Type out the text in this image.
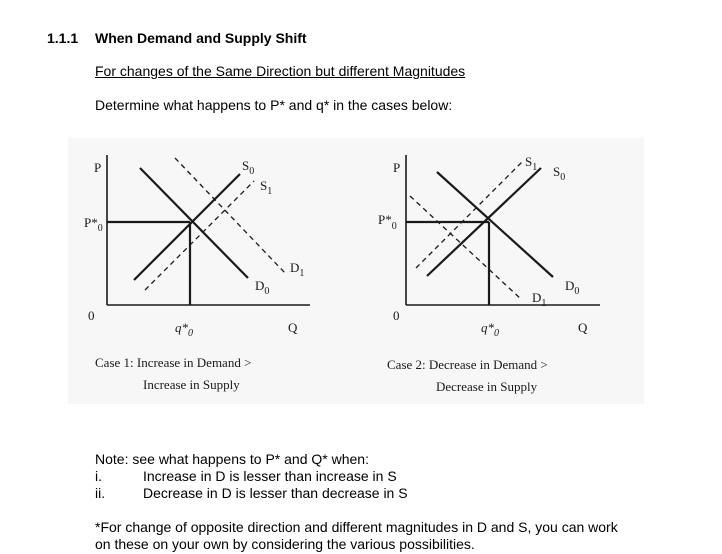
1.1.1 When Demand and Supply Shift
For changes of the Same Direction but different Magnitudes
Determine what happens to P* and q* in the cases below:
P
$P*_0$
0
$q*_0$	Q
$S_0$
$S_1$
$D_1$
$D_0$
Case 1: Increase in Demand >
Increase in Supply
P
$P*_0$
0
$q*_0$	Q
$S_1$ $S_0$
$D_0$
$D_1$
Case 2: Decrease in Demand >
Decrease in Supply
Note: see what happens to P* and Q* when:
i.	Increase in D is lesser than increase in S
ii.	Decrease in D is lesser than decrease in S
*For change of opposite direction and different magnitudes in D and S, you can work
on these on your own by considering the various possibilities.
